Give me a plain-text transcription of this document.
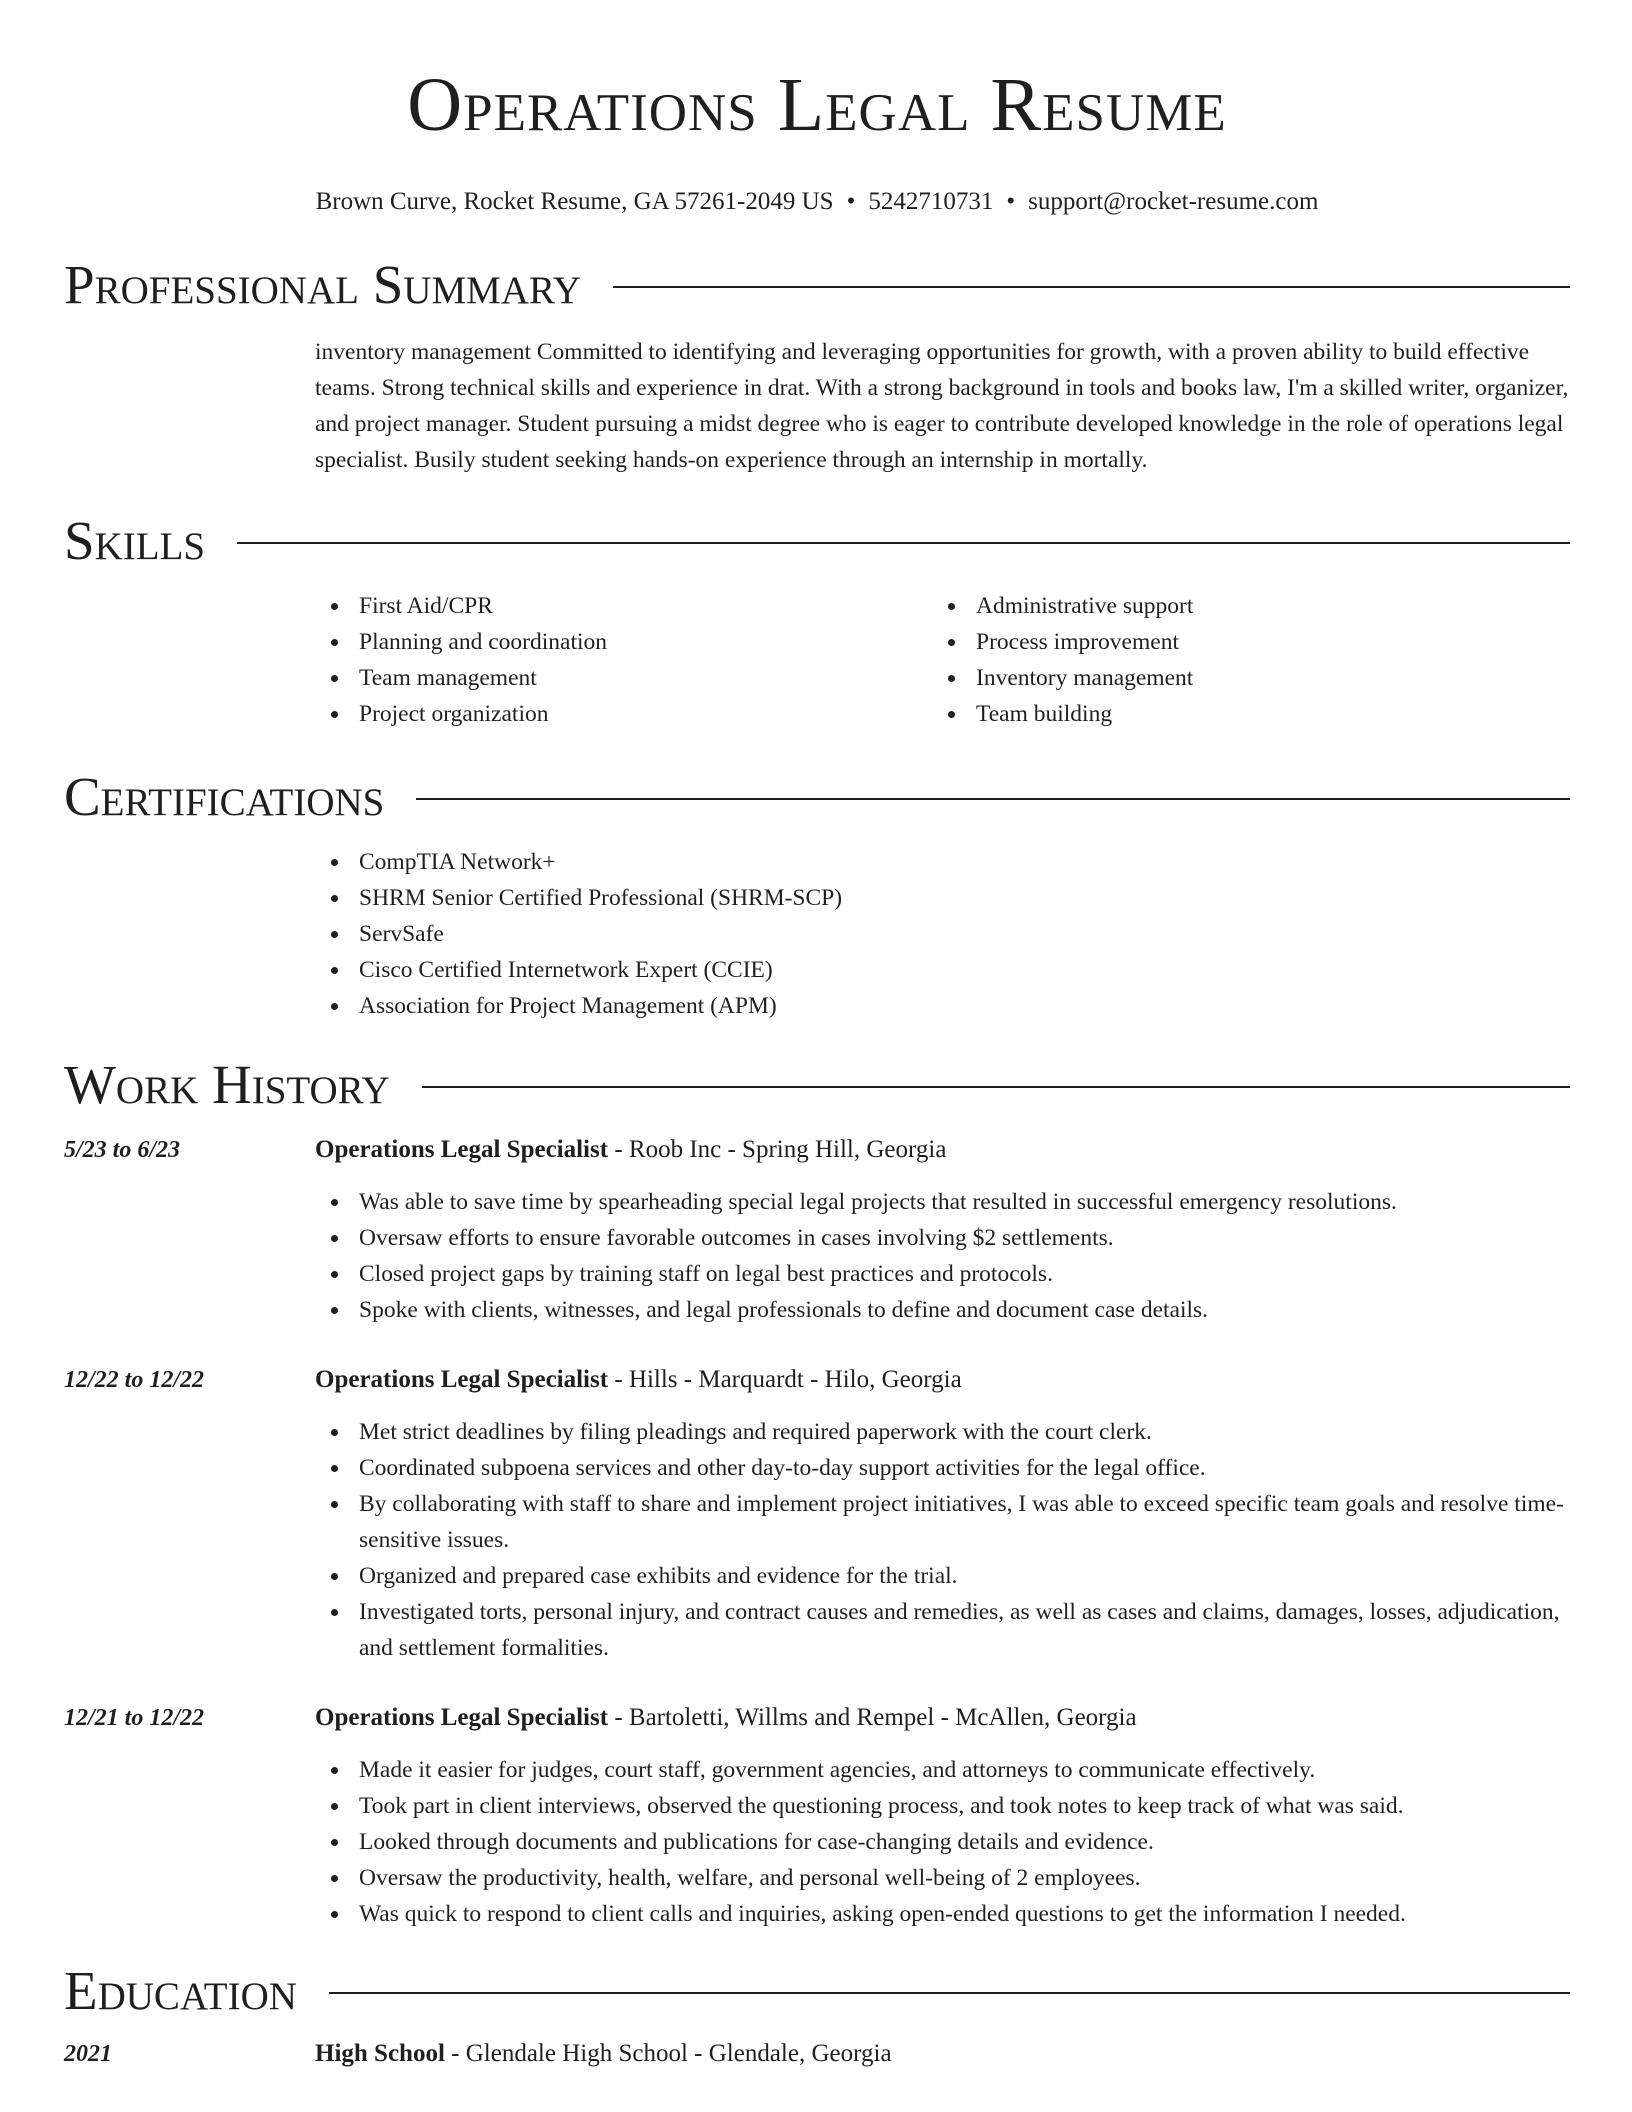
Operations Legal Resume
Brown Curve, Rocket Resume, GA 57261-2049 US • 5242710731 • support@rocket-resume.com
Professional Summary

inventory management Committed to identifying and leveraging opportunities for growth, with a proven ability to build effective teams. Strong technical skills and experience in drat. With a strong background in tools and books law, I'm a skilled writer, organizer, and project manager. Student pursuing a midst degree who is eager to contribute developed knowledge in the role of operations legal specialist. Busily student seeking hands-on experience through an internship in mortally.

Skills
First Aid/CPR
Planning and coordination
Team management
Project organization
Administrative support
Process improvement
Inventory management
Team building
Certifications
CompTIA Network+
SHRM Senior Certified Professional (SHRM-SCP)
ServSafe
Cisco Certified Internetwork Expert (CCIE)
Association for Project Management (APM)
Work History
5/23 to 6/23	Operations Legal Specialist - Roob Inc - Spring Hill, Georgia
Was able to save time by spearheading special legal projects that resulted in successful emergency resolutions.
Oversaw efforts to ensure favorable outcomes in cases involving $2 settlements.
Closed project gaps by training staff on legal best practices and protocols.
Spoke with clients, witnesses, and legal professionals to define and document case details.
12/22 to 12/22	Operations Legal Specialist - Hills - Marquardt - Hilo, Georgia
Met strict deadlines by filing pleadings and required paperwork with the court clerk.
Coordinated subpoena services and other day-to-day support activities for the legal office.
By collaborating with staff to share and implement project initiatives, I was able to exceed specific team goals and resolve time-sensitive issues.
Organized and prepared case exhibits and evidence for the trial.
Investigated torts, personal injury, and contract causes and remedies, as well as cases and claims, damages, losses, adjudication, and settlement formalities.
12/21 to 12/22	Operations Legal Specialist - Bartoletti, Willms and Rempel - McAllen, Georgia
Made it easier for judges, court staff, government agencies, and attorneys to communicate effectively.
Took part in client interviews, observed the questioning process, and took notes to keep track of what was said.
Looked through documents and publications for case-changing details and evidence.
Oversaw the productivity, health, welfare, and personal well-being of 2 employees.
Was quick to respond to client calls and inquiries, asking open-ended questions to get the information I needed.
Education
2021	High School - Glendale High School - Glendale, Georgia
